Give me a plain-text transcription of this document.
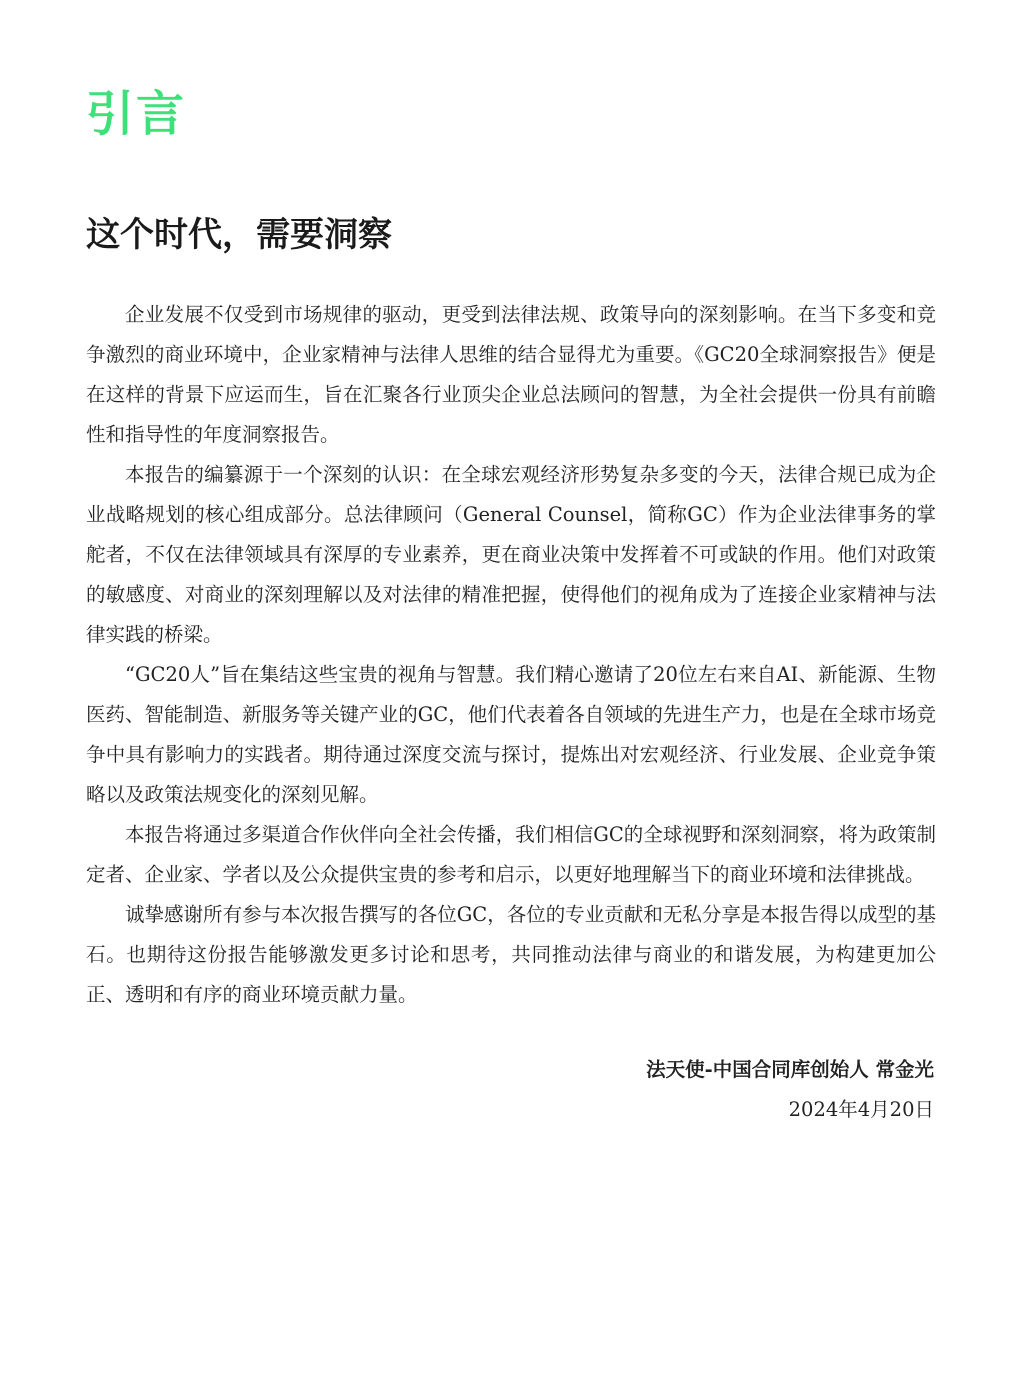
引言
这个时代，需要洞察

企业发展不仅受到市场规律的驱动，更受到法律法规、政策导向的深刻影响。在当下多变和竞争激烈的商业环境中，企业家精神与法律人思维的结合显得尤为重要。《GC20全球洞察报告》便是在这样的背景下应运而生，旨在汇聚各行业顶尖企业总法顾问的智慧，为全社会提供一份具有前瞻性和指导性的年度洞察报告。

本报告的编纂源于一个深刻的认识：在全球宏观经济形势复杂多变的今天，法律合规已成为企业战略规划的核心组成部分。总法律顾问（General Counsel，简称GC）作为企业法律事务的掌舵者，不仅在法律领域具有深厚的专业素养，更在商业决策中发挥着不可或缺的作用。他们对政策的敏感度、对商业的深刻理解以及对法律的精准把握，使得他们的视角成为了连接企业家精神与法律实践的桥梁。

“GC20人”旨在集结这些宝贵的视角与智慧。我们精心邀请了20位左右来自AI、新能源、生物医药、智能制造、新服务等关键产业的GC，他们代表着各自领域的先进生产力，也是在全球市场竞争中具有影响力的实践者。期待通过深度交流与探讨，提炼出对宏观经济、行业发展、企业竞争策略以及政策法规变化的深刻见解。

本报告将通过多渠道合作伙伴向全社会传播，我们相信GC的全球视野和深刻洞察，将为政策制定者、企业家、学者以及公众提供宝贵的参考和启示，以更好地理解当下的商业环境和法律挑战。

诚挚感谢所有参与本次报告撰写的各位GC，各位的专业贡献和无私分享是本报告得以成型的基石。也期待这份报告能够激发更多讨论和思考，共同推动法律与商业的和谐发展，为构建更加公正、透明和有序的商业环境贡献力量。

法天使-中国合同库创始人 常金光
2024年4月20日
